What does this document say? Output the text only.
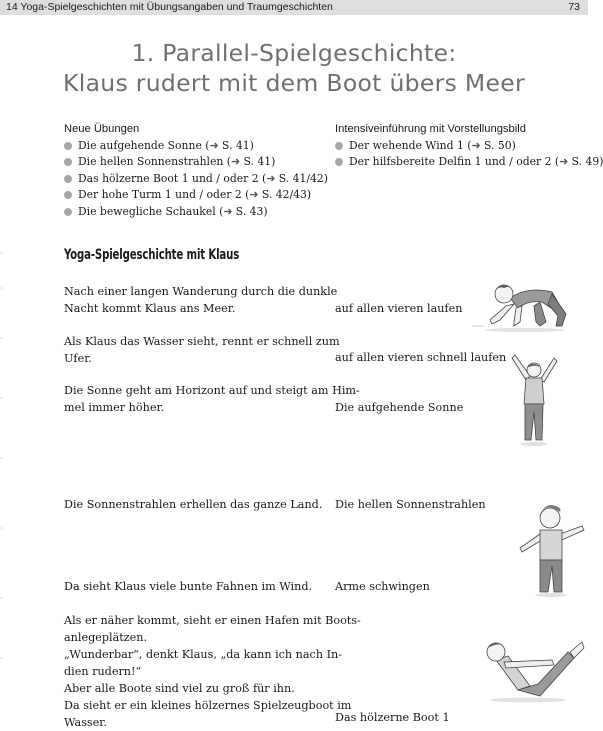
14 Yoga-Spielgeschichten mit Übungsangaben und Traumgeschichten	73
1. Parallel-Spielgeschichte:
Klaus rudert mit dem Boot übers Meer
Neue Übungen
Die aufgehende Sonne (➜ S. 41)
Die hellen Sonnenstrahlen (➜ S. 41)
Das hölzerne Boot 1 und / oder 2 (➜ S. 41/42)
Der hohe Turm 1 und / oder 2 (➜ S. 42/43)
Die bewegliche Schaukel (➜ S. 43)
Intensiveinführung mit Vorstellungsbild
Der wehende Wind 1 (➜ S. 50)
Der hilfsbereite Delfin 1 und / oder 2 (➜ S. 49)
Yoga-Spielgeschichte mit Klaus
Nach einer langen Wanderung durch die dunkle
Nacht kommt Klaus ans Meer.
Als Klaus das Wasser sieht, rennt er schnell zum
Ufer.
Die Sonne geht am Horizont auf und steigt am Him-
mel immer höher.
Die Sonnenstrahlen erhellen das ganze Land.
Da sieht Klaus viele bunte Fahnen im Wind.
Als er näher kommt, sieht er einen Hafen mit Boots-
anlegeplätzen.
„Wunderbar“, denkt Klaus, „da kann ich nach In-
dien rudern!“
Aber alle Boote sind viel zu groß für ihn.
Da sieht er ein kleines hölzernes Spielzeugboot im
Wasser.
auf allen vieren laufen
auf allen vieren schnell laufen
Die aufgehende Sonne
Die hellen Sonnenstrahlen
Arme schwingen
Das hölzerne Boot 1
